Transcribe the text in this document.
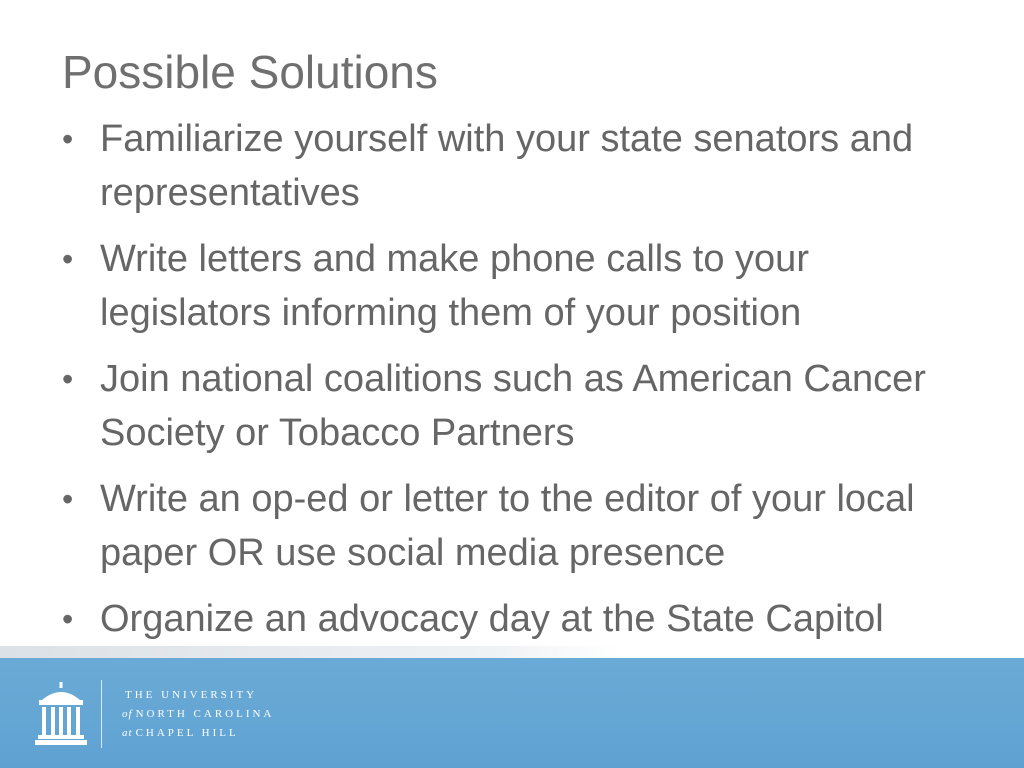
Possible Solutions
• Familiarize yourself with your state senators and representatives
• Write letters and make phone calls to your legislators informing them of your position
• Join national coalitions such as American Cancer Society or Tobacco Partners
• Write an op-ed or letter to the editor of your local paper OR use social media presence
• Organize an advocacy day at the State Capitol
THE UNIVERSITY
of NORTH CAROLINA
at CHAPEL HILL
